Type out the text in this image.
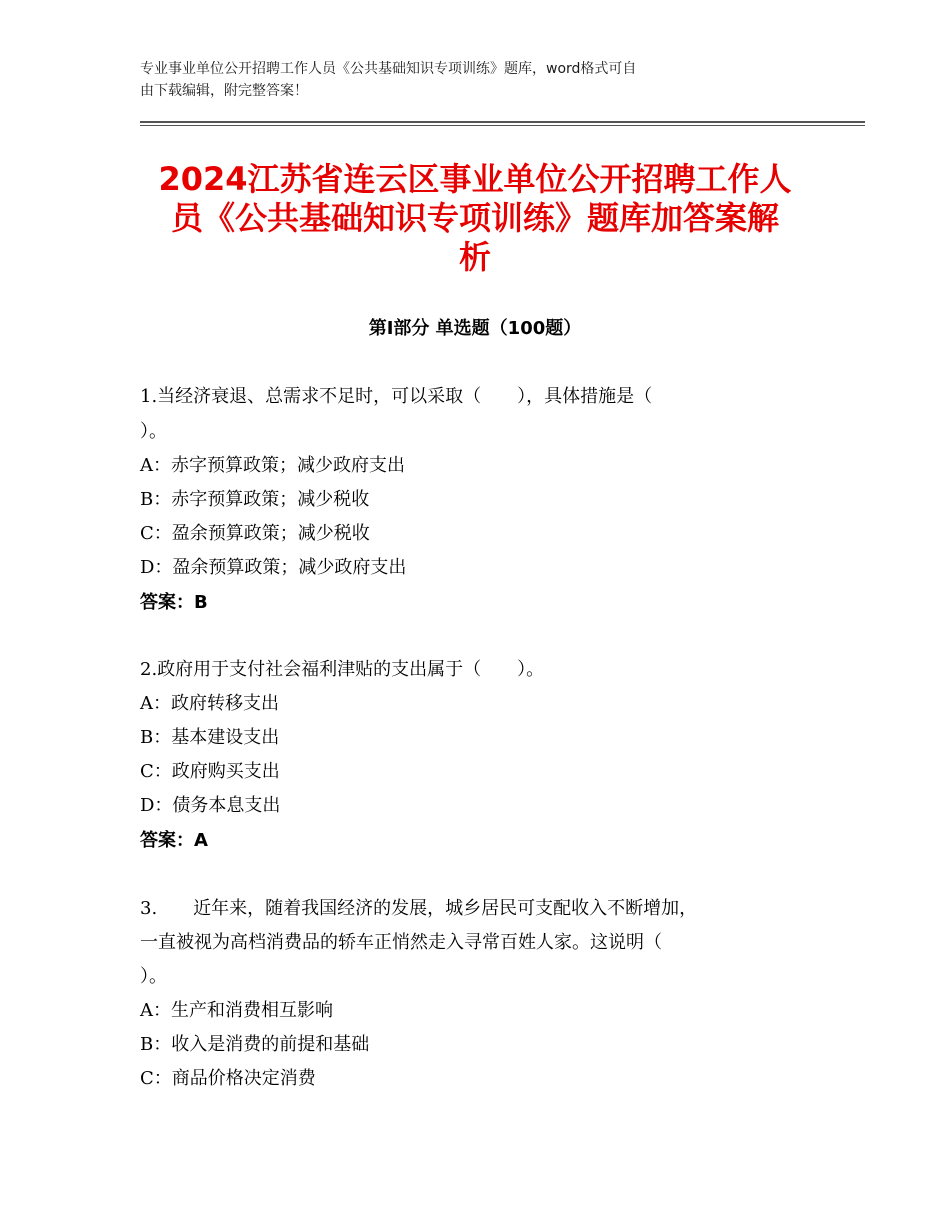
专业事业单位公开招聘工作人员《公共基础知识专项训练》题库，word格式可自
由下载编辑，附完整答案！
2024江苏省连云区事业单位公开招聘工作人
员《公共基础知识专项训练》题库加答案解
析
第Ⅰ部分 单选题（100题）
1.当经济衰退、总需求不足时，可以采取（　　），具体措施是（
）。
A：赤字预算政策；减少政府支出
B：赤字预算政策；减少税收
C：盈余预算政策；减少税收
D：盈余预算政策；减少政府支出
答案：B
2.政府用于支付社会福利津贴的支出属于（　　）。
A：政府转移支出
B：基本建设支出
C：政府购买支出
D：债务本息支出
答案：A
3.　　近年来，随着我国经济的发展，城乡居民可支配收入不断增加，
一直被视为高档消费品的轿车正悄然走入寻常百姓人家。这说明（
）。
A：生产和消费相互影响
B：收入是消费的前提和基础
C：商品价格决定消费
